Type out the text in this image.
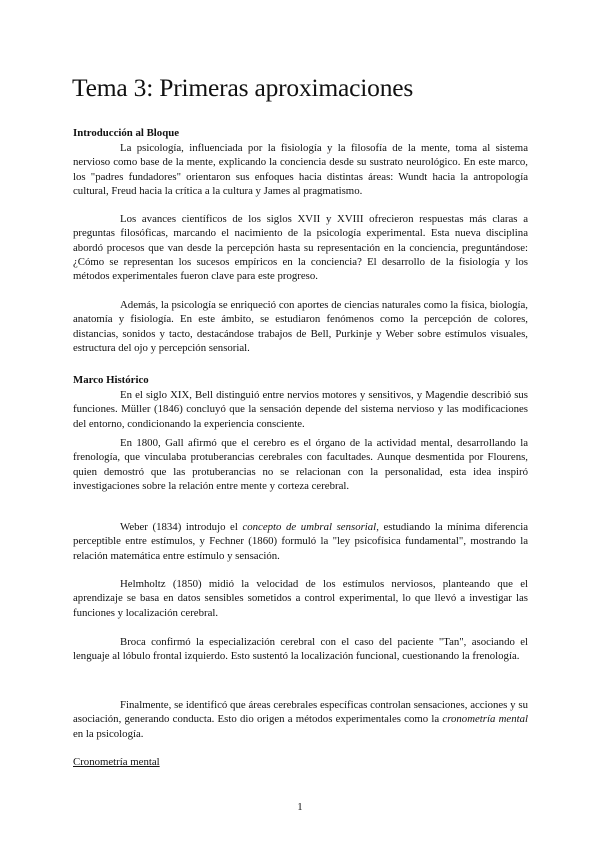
Tema 3: Primeras aproximaciones

Introducción al Bloque

La psicología, influenciada por la fisiología y la filosofía de la mente, toma al sistema nervioso como base de la mente, explicando la conciencia desde su sustrato neurológico. En este marco, los "padres fundadores" orientaron sus enfoques hacia distintas áreas: Wundt hacia la antropología cultural, Freud hacia la crítica a la cultura y James al pragmatismo.

Los avances científicos de los siglos XVII y XVIII ofrecieron respuestas más claras a preguntas filosóficas, marcando el nacimiento de la psicología experimental. Esta nueva disciplina abordó procesos que van desde la percepción hasta su representación en la conciencia, preguntándose: ¿Cómo se representan los sucesos empíricos en la conciencia? El desarrollo de la fisiología y los métodos experimentales fueron clave para este progreso.

Además, la psicología se enriqueció con aportes de ciencias naturales como la física, biología, anatomía y fisiología. En este ámbito, se estudiaron fenómenos como la percepción de colores, distancias, sonidos y tacto, destacándose trabajos de Bell, Purkinje y Weber sobre estímulos visuales, estructura del ojo y percepción sensorial.

Marco Histórico

En el siglo XIX, Bell distinguió entre nervios motores y sensitivos, y Magendie describió sus funciones. Müller (1846) concluyó que la sensación depende del sistema nervioso y las modificaciones del entorno, condicionando la experiencia consciente.

En 1800, Gall afirmó que el cerebro es el órgano de la actividad mental, desarrollando la frenología, que vinculaba protuberancias cerebrales con facultades. Aunque desmentida por Flourens, quien demostró que las protuberancias no se relacionan con la personalidad, esta idea inspiró investigaciones sobre la relación entre mente y corteza cerebral.

Weber (1834) introdujo el concepto de umbral sensorial, estudiando la mínima diferencia perceptible entre estímulos, y Fechner (1860) formuló la "ley psicofísica fundamental", mostrando la relación matemática entre estímulo y sensación.

Helmholtz (1850) midió la velocidad de los estímulos nerviosos, planteando que el aprendizaje se basa en datos sensibles sometidos a control experimental, lo que llevó a investigar las funciones y localización cerebral.

Broca confirmó la especialización cerebral con el caso del paciente "Tan", asociando el lenguaje al lóbulo frontal izquierdo. Esto sustentó la localización funcional, cuestionando la frenología.

Finalmente, se identificó que áreas cerebrales específicas controlan sensaciones, acciones y su asociación, generando conducta. Esto dio origen a métodos experimentales como la cronometría mental en la psicología.

Cronometría mental

1
